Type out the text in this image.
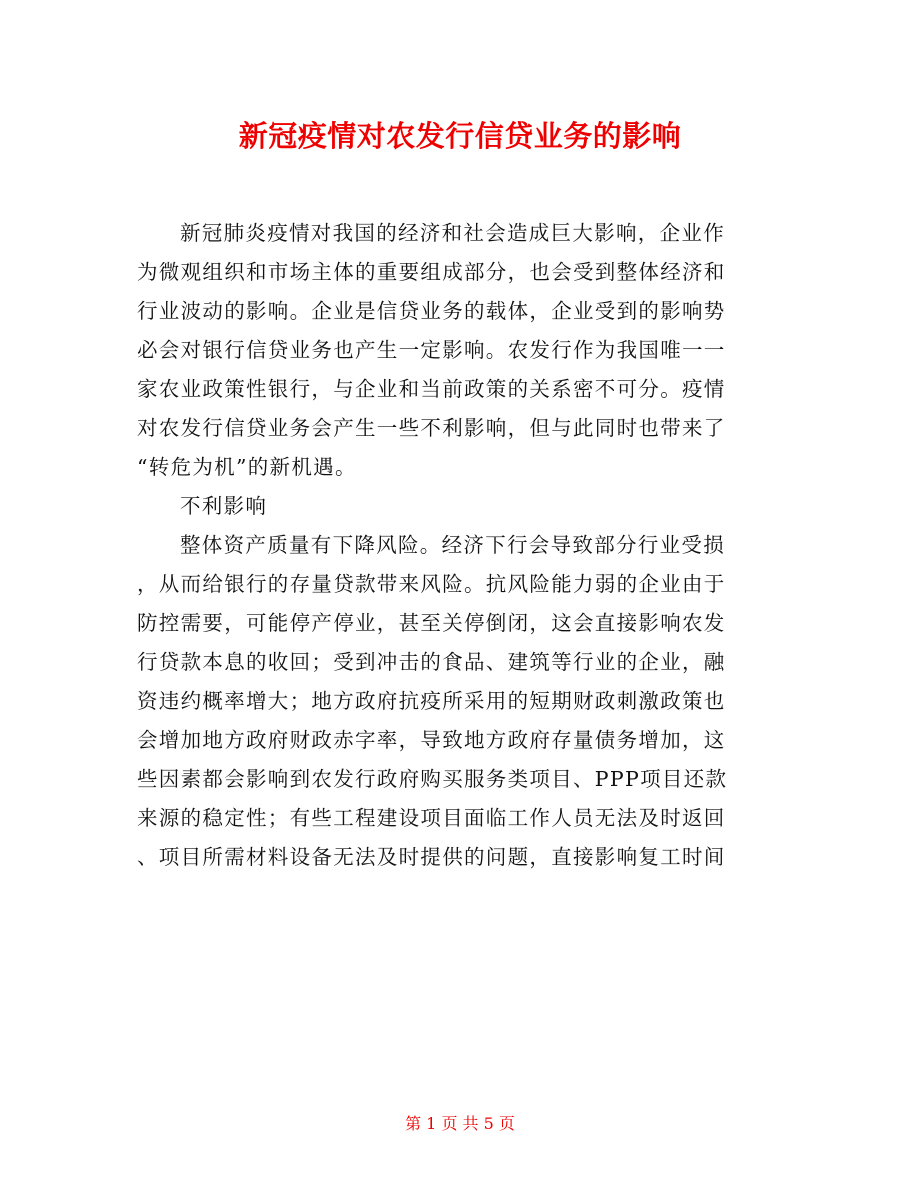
新冠疫情对农发行信贷业务的影响
新冠肺炎疫情对我国的经济和社会造成巨大影响，企业作
为微观组织和市场主体的重要组成部分，也会受到整体经济和
行业波动的影响。企业是信贷业务的载体，企业受到的影响势
必会对银行信贷业务也产生一定影响。农发行作为我国唯一一
家农业政策性银行，与企业和当前政策的关系密不可分。疫情
对农发行信贷业务会产生一些不利影响，但与此同时也带来了
“转危为机”的新机遇。
不利影响
整体资产质量有下降风险。经济下行会导致部分行业受损
，从而给银行的存量贷款带来风险。抗风险能力弱的企业由于
防控需要，可能停产停业，甚至关停倒闭，这会直接影响农发
行贷款本息的收回；受到冲击的食品、建筑等行业的企业，融
资违约概率增大；地方政府抗疫所采用的短期财政刺激政策也
会增加地方政府财政赤字率，导致地方政府存量债务增加，这
些因素都会影响到农发行政府购买服务类项目、PPP项目还款
来源的稳定性；有些工程建设项目面临工作人员无法及时返回
、项目所需材料设备无法及时提供的问题，直接影响复工时间
第 1 页 共 5 页
